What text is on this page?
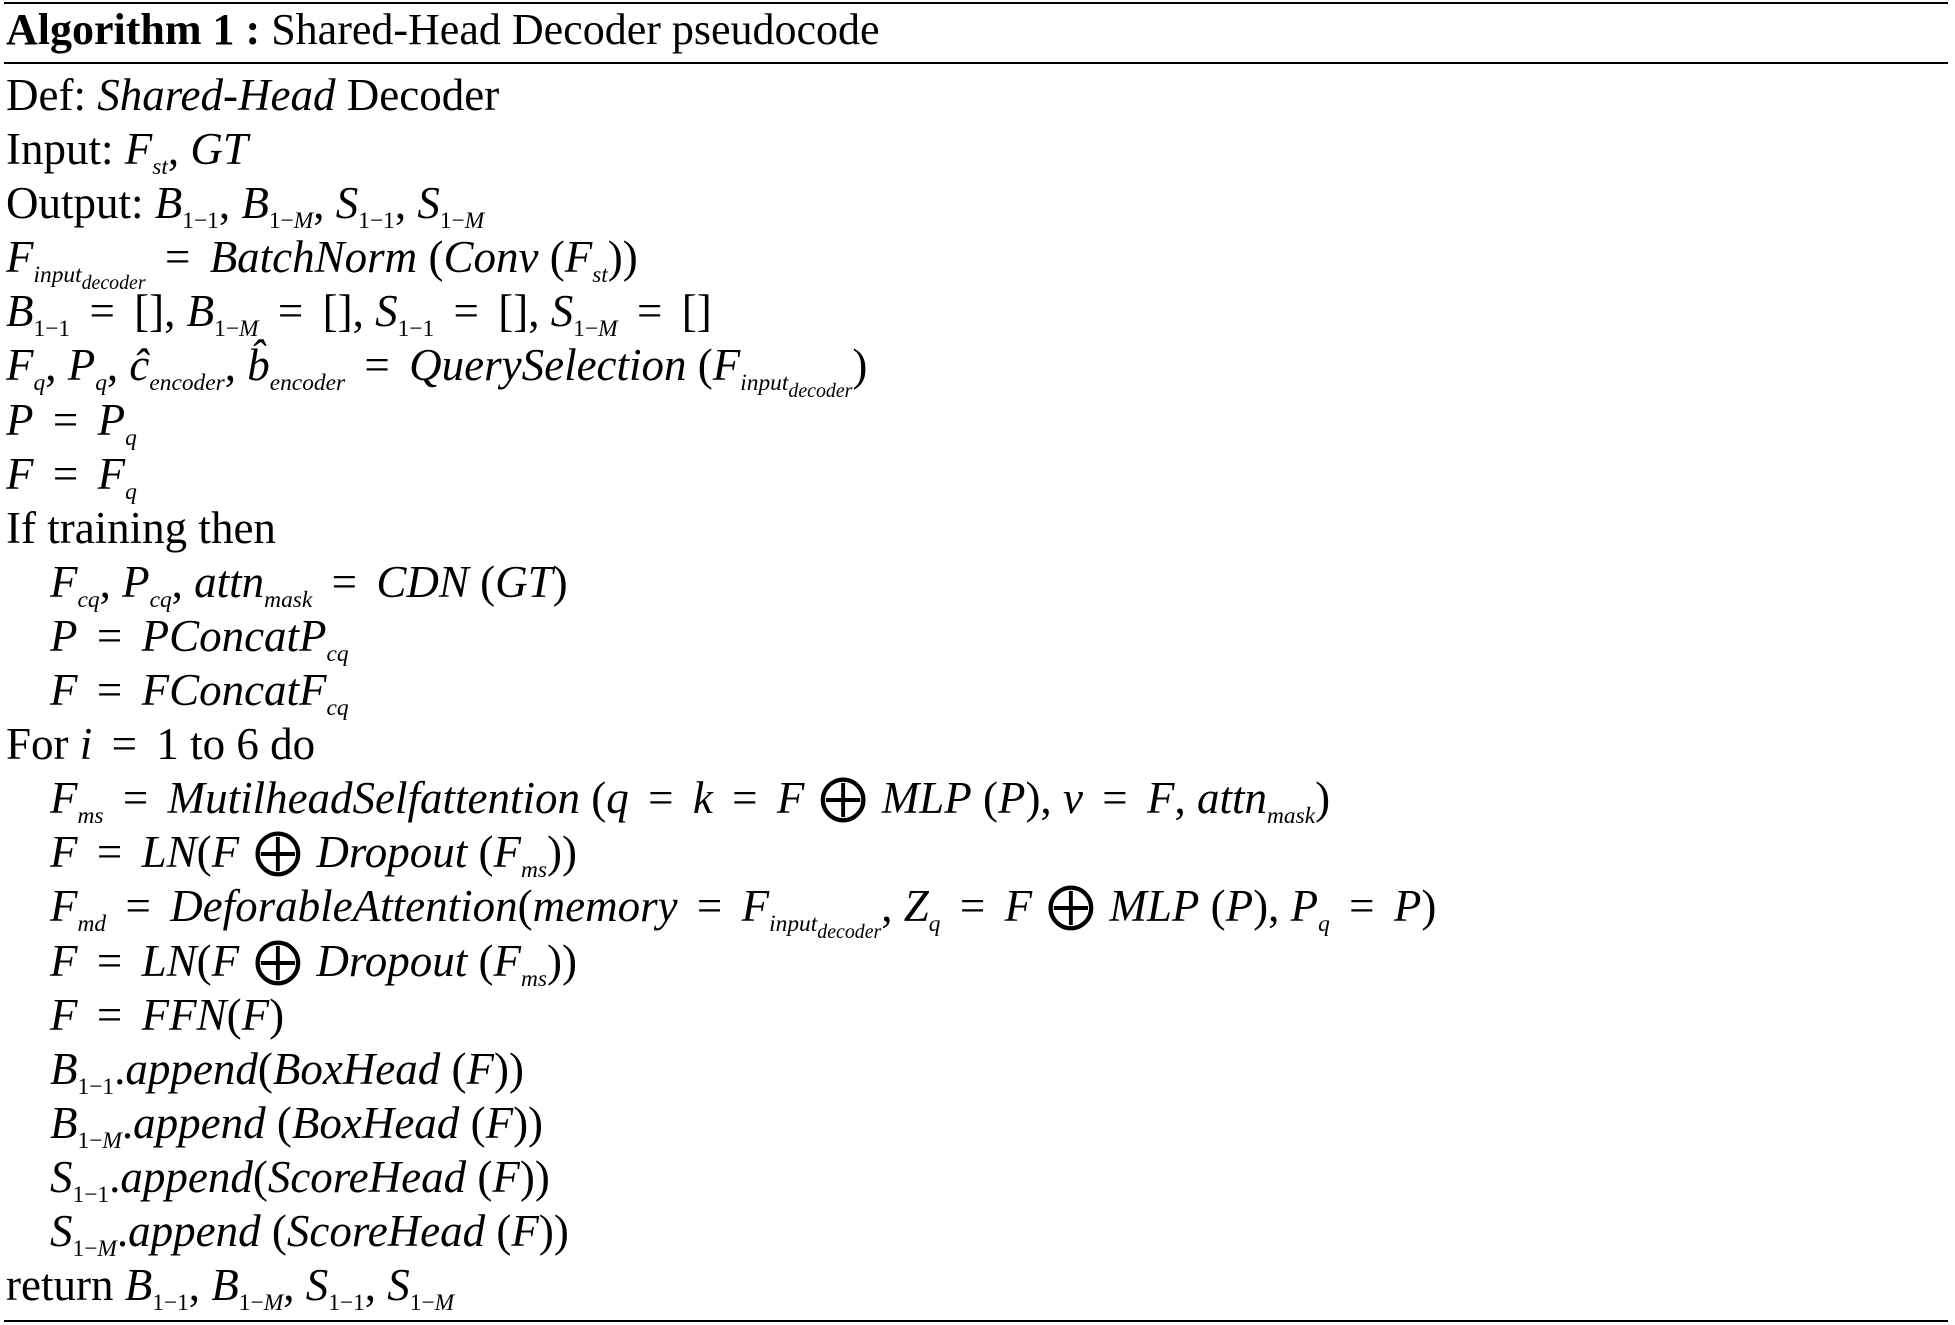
Algorithm 1 : Shared-Head Decoder pseudocode
Def: Shared-Head Decoder
Input: $F_{st}$, GT
Output: $B_{1-1}$, $B_{1-M}$, $S_{1-1}$, $S_{1-M}$
$F_{input_{decoder}}$ = BatchNorm (Conv $(F_{st})$)
$B_{1-1}$ = [], $B_{1-M}$ = [], $S_{1-1}$ = [], $S_{1-M}$ = []
$F_q$, $P_q$, $ĉ_{encoder}$, $b̂_{encoder}$ = QuerySelection $(F_{input_{decoder}})$
$P = P_q$
$F = F_q$
If training then
$F_{cq}$, $P_{cq}$, attn$_{mask}$ = CDN (GT)
P = PConcatP$_{cq}$
F = FConcatF$_{cq}$
For i = 1 to 6 do
$F_{ms}$ = MutilheadSelfattention (q = k = F ⨁ MLP (P), v = F, attn$_{mask}$)
F = LN(F ⨁ Dropout $(F_{ms})$)
$F_{md}$ = DeforableAttention(memory = $F_{input_{decoder}}$, $Z_q = F$ ⨁ MLP (P), $P_q = P$)
F = LN(F ⨁ Dropout $(F_{ms})$)
F = FFN(F)
$B_{1-1}.append(BoxHead$ (F))
$B_{1-M}.append$ (BoxHead (F))
$S_{1-1}.append(ScoreHead$ (F))
$S_{1-M}.append$ (ScoreHead (F))
return $B_{1-1}$, $B_{1-M}$, $S_{1-1}$, $S_{1-M}$
